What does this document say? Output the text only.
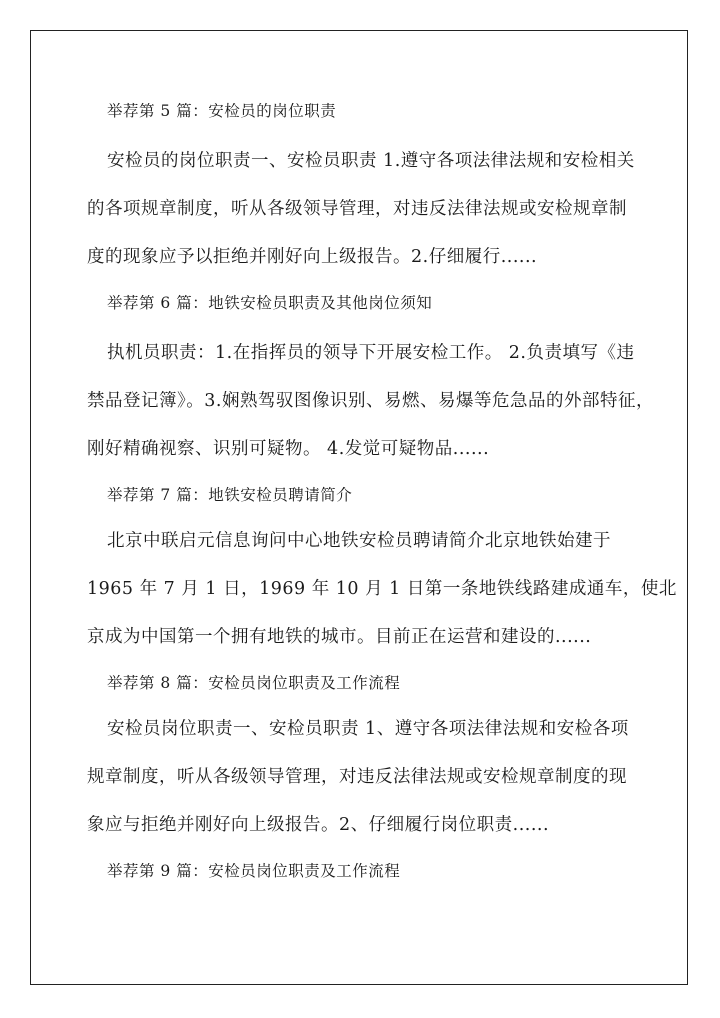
举荐第 5 篇：安检员的岗位职责
安检员的岗位职责一、安检员职责 1.遵守各项法律法规和安检相关
的各项规章制度，听从各级领导管理，对违反法律法规或安检规章制
度的现象应予以拒绝并刚好向上级报告。2.仔细履行......
举荐第 6 篇：地铁安检员职责及其他岗位须知
执机员职责：1.在指挥员的领导下开展安检工作。 2.负责填写《违
禁品登记簿》。3.娴熟驾驭图像识别、易燃、易爆等危急品的外部特征，
刚好精确视察、识别可疑物。 4.发觉可疑物品......
举荐第 7 篇：地铁安检员聘请简介
北京中联启元信息询问中心地铁安检员聘请简介北京地铁始建于
1965 年 7 月 1 日，1969 年 10 月 1 日第一条地铁线路建成通车，使北
京成为中国第一个拥有地铁的城市。目前正在运营和建设的......
举荐第 8 篇：安检员岗位职责及工作流程
安检员岗位职责一、安检员职责 1、遵守各项法律法规和安检各项
规章制度，听从各级领导管理，对违反法律法规或安检规章制度的现
象应与拒绝并刚好向上级报告。2、仔细履行岗位职责......
举荐第 9 篇：安检员岗位职责及工作流程
